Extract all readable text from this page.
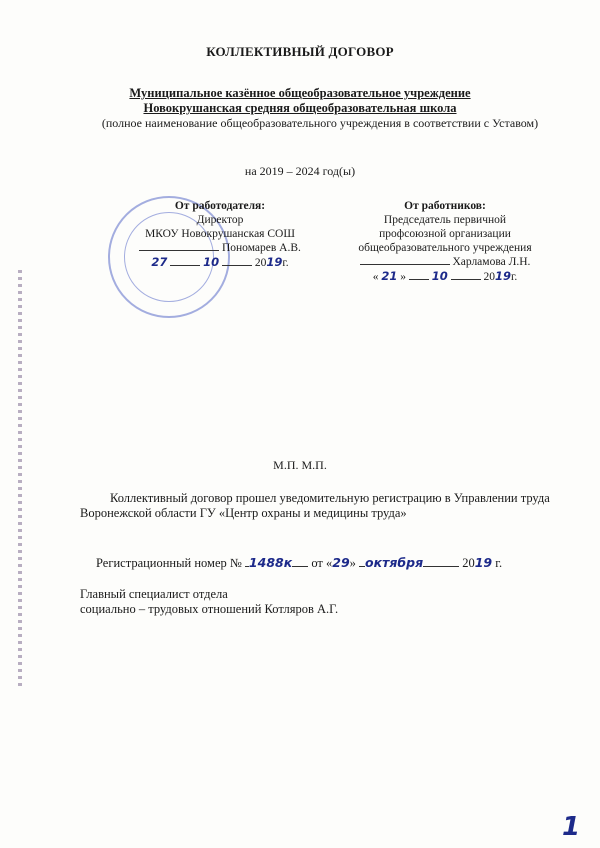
КОЛЛЕКТИВНЫЙ ДОГОВОР
Муниципальное казённое общеобразовательное учреждение
Новокрушанская средняя общеобразовательная школа
(полное наименование общеобразовательного учреждения в соответствии с Уставом)
на 2019 – 2024 год(ы)
От работодателя:
Директор
МКОУ Новокрушанская СОШ
Пономарев А.В.
27	10	2019г.
От работников:
Председатель первичной
профсоюзной организации
общеобразовательного учреждения
Харламова Л.Н.
« 21 » 10	2019г.
М.П. М.П.
Коллективный договор прошел уведомительную регистрацию в Управлении труда Воронежской области ГУ «Центр охраны и медицины труда»
Регистрационный номер № 1488к от «29» октября	2019 г.
Главный специалист отдела
социально – трудовых отношений Котляров А.Г.
1
